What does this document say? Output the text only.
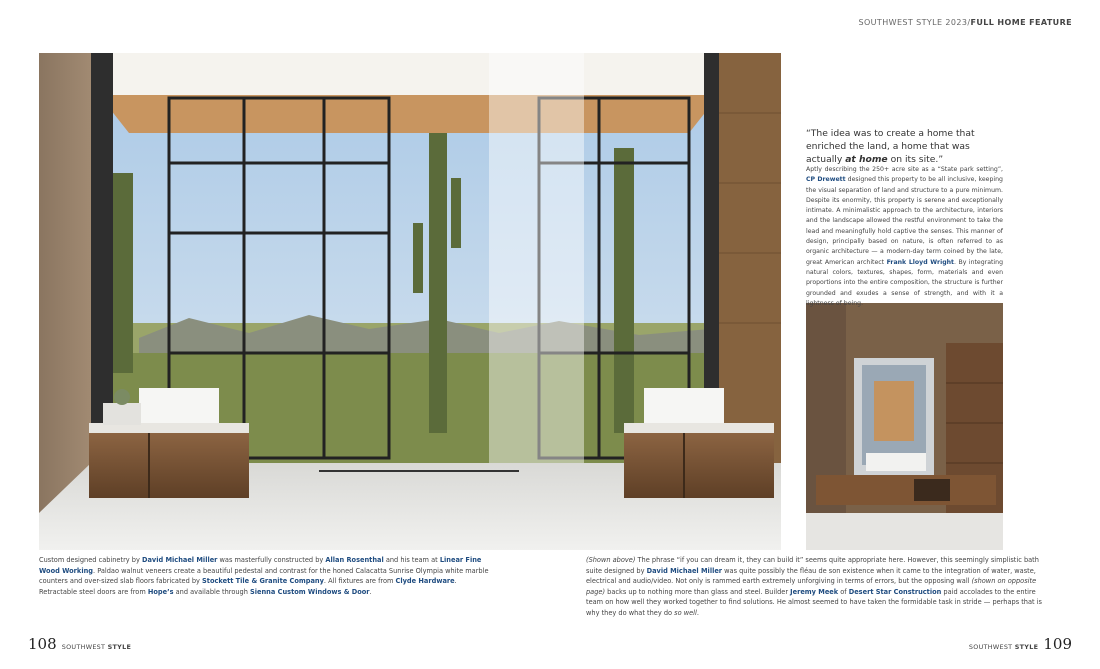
SOUTHWEST STYLE 2023/FULL HOME FEATURE
“The idea was to create a home that enriched the land, a home that was actually at home on its site.”
Aptly describing the 250+ acre site as a “State park setting”, CP Drewett designed this property to be all inclusive, keeping the visual separation of land and structure to a pure minimum. Despite its enormity, this property is serene and exceptionally intimate. A minimalistic approach to the architecture, interiors and the landscape allowed the restful environment to take the lead and meaningfully hold captive the senses. This manner of design, principally based on nature, is often referred to as organic architecture — a modern-day term coined by the late, great American architect Frank Lloyd Wright. By integrating natural colors, textures, shapes, form, materials and even proportions into the entire composition, the structure is further grounded and exudes a sense of strength, and with it a lightness of being.
Custom designed cabinetry by David Michael Miller was masterfully constructed by Allan Rosenthal and his team at Linear Fine Wood Working. Paldao walnut veneers create a beautiful pedestal and contrast for the honed Calacatta Sunrise Olympia white marble counters and over-sized slab floors fabricated by Stockett Tile & Granite Company. All fixtures are from Clyde Hardware. Retractable steel doors are from Hope’s and available through Sienna Custom Windows & Door.
(Shown above) The phrase “if you can dream it, they can build it” seems quite appropriate here. However, this seemingly simplistic bath suite designed by David Michael Miller was quite possibly the fléau de son existence when it came to the integration of water, waste, electrical and audio/video. Not only is rammed earth extremely unforgiving in terms of errors, but the opposing wall (shown on opposite page) backs up to nothing more than glass and steel. Builder Jeremy Meek of Desert Star Construction paid accolades to the entire team on how well they worked together to find solutions. He almost seemed to have taken the formidable task in stride — perhaps that is why they do what they do so well.
108 SOUTHWEST STYLE	SOUTHWEST STYLE 109
